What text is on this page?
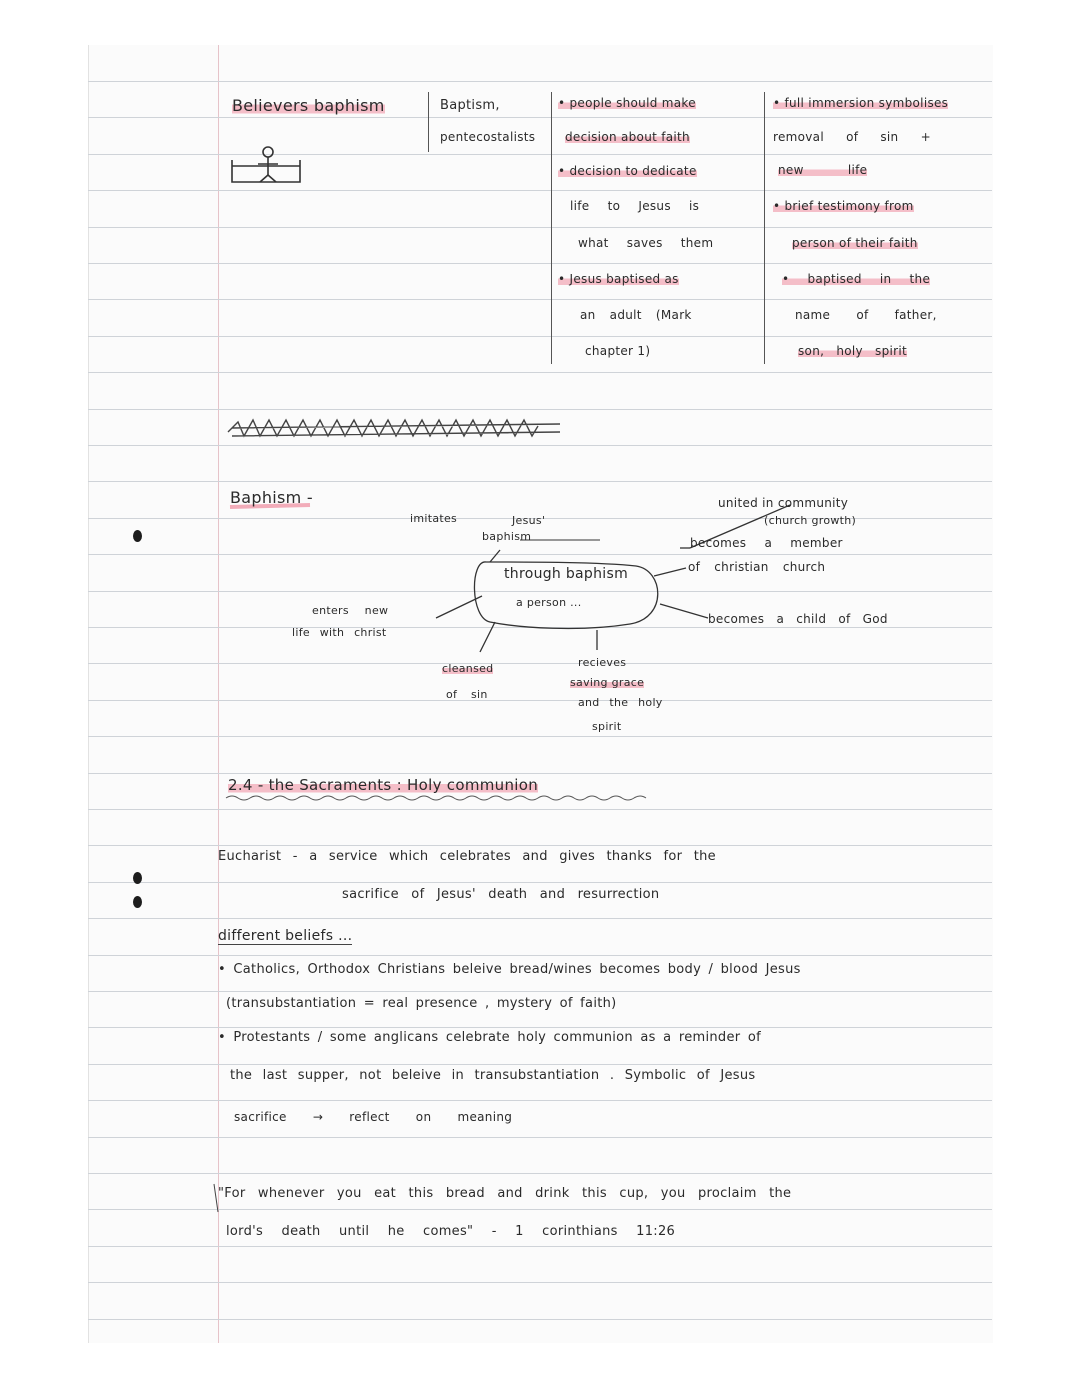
Believers baphism	Baptism,
pentecostalists
• people should make
decision about faith
• decision to dedicate
life to Jesus is
what saves them
• Jesus baptised as
an adult (Mark
chapter 1)
• full immersion symbolises
removal of sin +
new life
• brief testimony from
person of their faith
• baptised in the
name of father,
son, holy spirit
Baphism -
through baphism
a person ...
imitates	Jesus'
baphism
united in community
(church growth)
becomes a member
of christian church
becomes a child of God
enters new
life with christ
cleansed
of sin
recieves
saving grace
and the holy
spirit
2.4 - the Sacraments : Holy communion
Eucharist - a service which celebrates and gives thanks for the
sacrifice of Jesus' death and resurrection
different beliefs ...
• Catholics, Orthodox Christians beleive bread/wines becomes body / blood Jesus
(transubstantiation = real presence , mystery of faith)
• Protestants / some anglicans celebrate holy communion as a reminder of
the last supper, not beleive in transubstantiation . Symbolic of Jesus
sacrifice → reflect on meaning
"For whenever you eat this bread and drink this cup, you proclaim the
lord's death until he comes" - 1 corinthians 11:26
